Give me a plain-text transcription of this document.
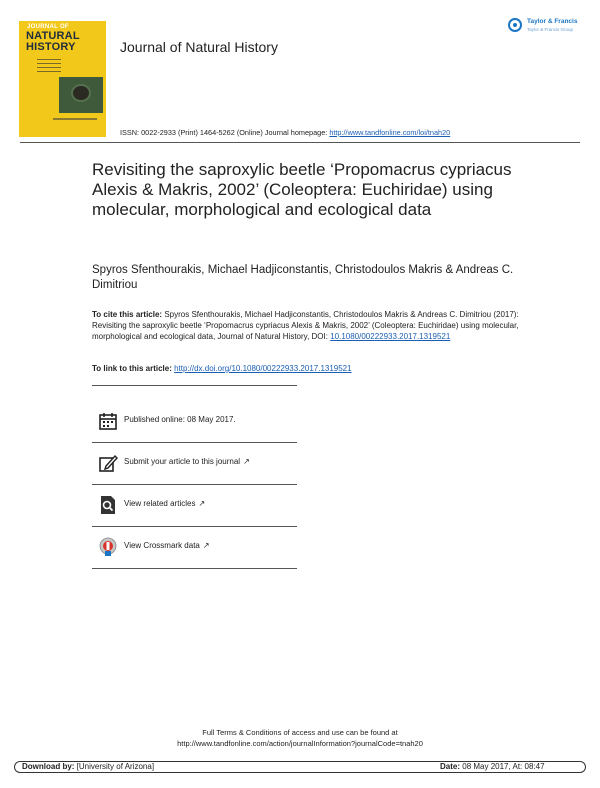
JOURNAL OF
NATURAL
HISTORY	Journal of Natural History
Taylor & Francis
Taylor & Francis Group
ISSN: 0022-2933 (Print) 1464-5262 (Online) Journal homepage: http://www.tandfonline.com/loi/tnah20
Revisiting the saproxylic beetle ‘Propomacrus cypriacus Alexis & Makris, 2002’ (Coleoptera: Euchiridae) using molecular, morphological and ecological data
Spyros Sfenthourakis, Michael Hadjiconstantis, Christodoulos Makris & Andreas C. Dimitriou
To cite this article: Spyros Sfenthourakis, Michael Hadjiconstantis, Christodoulos Makris & Andreas C. Dimitriou (2017): Revisiting the saproxylic beetle ‘Propomacrus cypriacus Alexis & Makris, 2002’ (Coleoptera: Euchiridae) using molecular, morphological and ecological data, Journal of Natural History, DOI: 10.1080/00222933.2017.1319521
To link to this article: http://dx.doi.org/10.1080/00222933.2017.1319521
Published online: 08 May 2017.
Submit your article to this journal ↗
View related articles ↗
View Crossmark data ↗
Full Terms & Conditions of access and use can be found at
http://www.tandfonline.com/action/journalInformation?journalCode=tnah20
Download by: [University of Arizona]	Date: 08 May 2017, At: 08:47
